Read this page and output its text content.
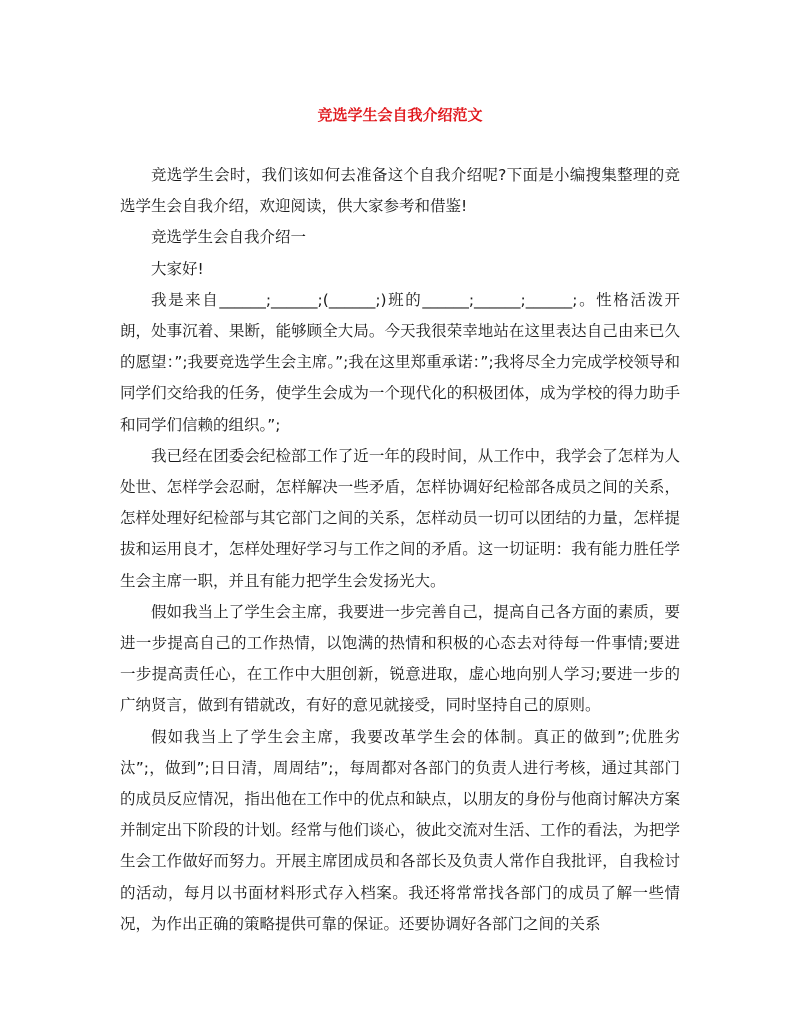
竞选学生会自我介绍范文

竞选学生会时，我们该如何去准备这个自我介绍呢?下面是小编搜集整理的竞选学生会自我介绍，欢迎阅读，供大家参考和借鉴!

竞选学生会自我介绍一

大家好!

我是来自______;______;(______;)班的______;______;______;。性格活泼开朗，处事沉着、果断，能够顾全大局。今天我很荣幸地站在这里表达自己由来已久的愿望：”;我要竞选学生会主席。”;我在这里郑重承诺：”;我将尽全力完成学校领导和同学们交给我的任务，使学生会成为一个现代化的积极团体，成为学校的得力助手和同学们信赖的组织。”;

我已经在团委会纪检部工作了近一年的段时间，从工作中，我学会了怎样为人处世、怎样学会忍耐，怎样解决一些矛盾，怎样协调好纪检部各成员之间的关系，怎样处理好纪检部与其它部门之间的关系，怎样动员一切可以团结的力量，怎样提拔和运用良才，怎样处理好学习与工作之间的矛盾。这一切证明：我有能力胜任学生会主席一职，并且有能力把学生会发扬光大。

假如我当上了学生会主席，我要进一步完善自己，提高自己各方面的素质，要进一步提高自己的工作热情，以饱满的热情和积极的心态去对待每一件事情;要进一步提高责任心，在工作中大胆创新，锐意进取，虚心地向别人学习;要进一步的广纳贤言，做到有错就改，有好的意见就接受，同时坚持自己的原则。

假如我当上了学生会主席，我要改革学生会的体制。真正的做到”;优胜劣汰”;，做到”;日日清，周周结”;，每周都对各部门的负责人进行考核，通过其部门的成员反应情况，指出他在工作中的优点和缺点，以朋友的身份与他商讨解决方案并制定出下阶段的计划。经常与他们谈心，彼此交流对生活、工作的看法，为把学生会工作做好而努力。开展主席团成员和各部长及负责人常作自我批评，自我检讨的活动，每月以书面材料形式存入档案。我还将常常找各部门的成员了解一些情况，为作出正确的策略提供可靠的保证。还要协调好各部门之间的关系
